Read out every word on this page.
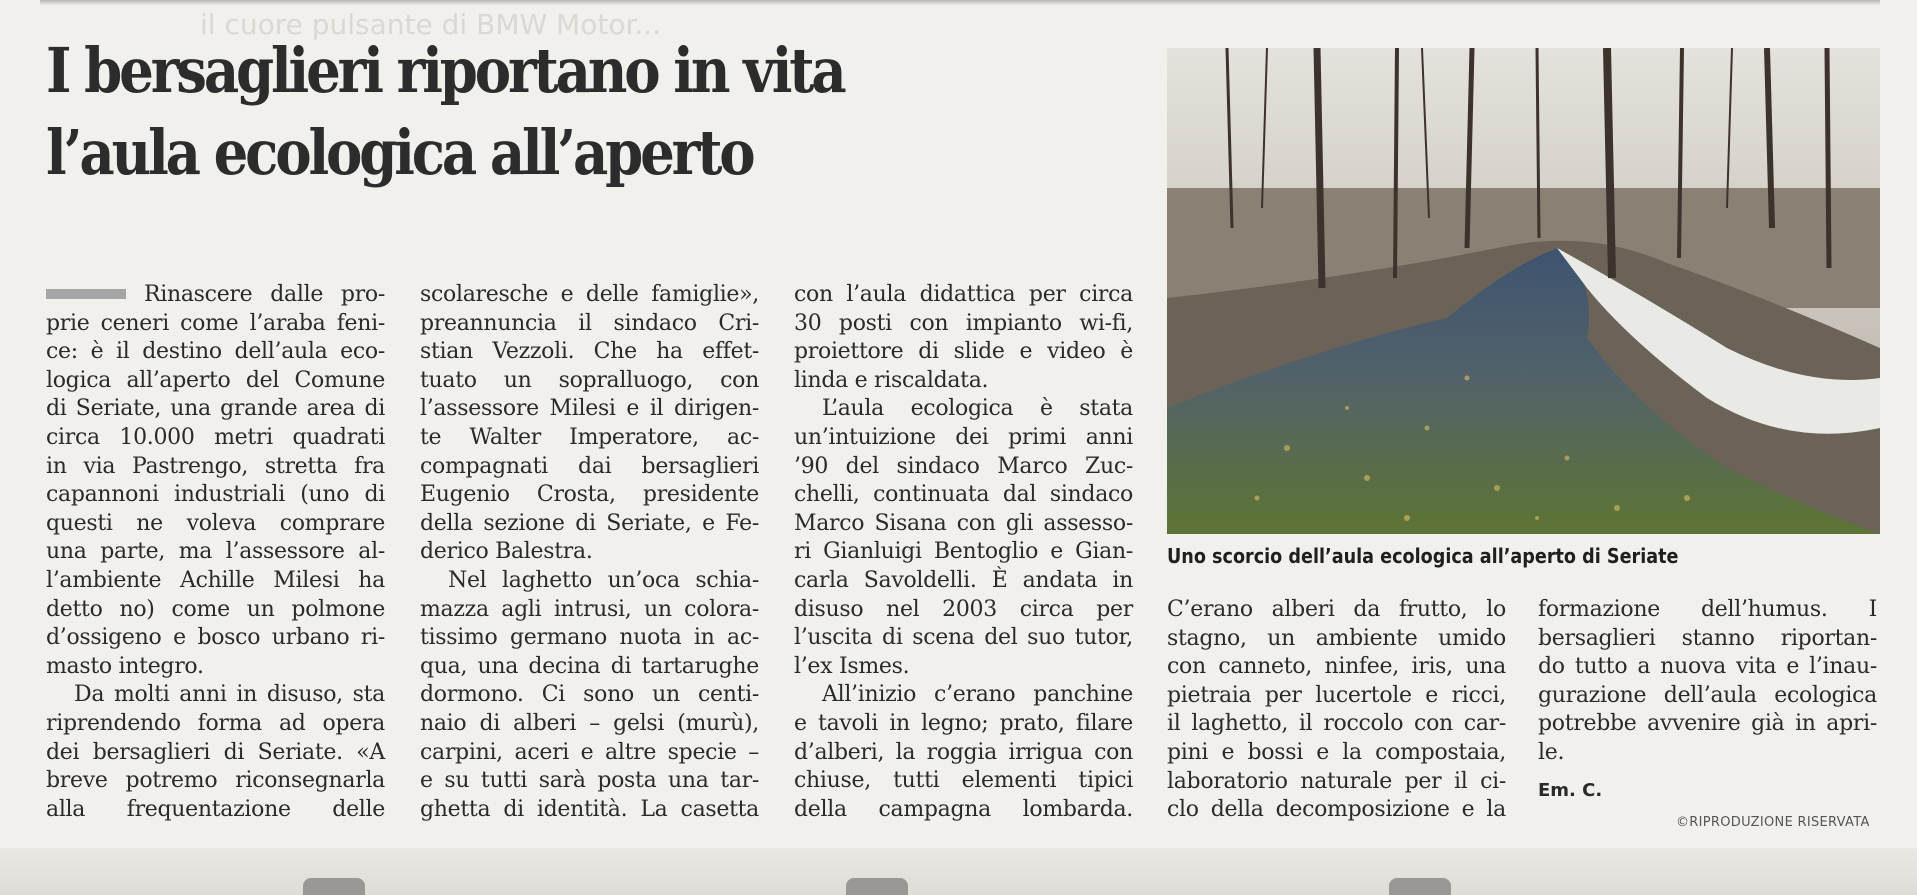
il cuore pulsante di BMW Motor...
I bersaglieri riportano in vita
l’aula ecologica all’aperto

Uno scorcio dell’aula ecologica all’aperto di Seriate

Rinascere dalle pro-
prie ceneri come l’araba feni-
ce: è il destino dell’aula eco-
logica all’aperto del Comune
di Seriate, una grande area di
circa 10.000 metri quadrati
in via Pastrengo, stretta fra
capannoni industriali (uno di
questi ne voleva comprare
una parte, ma l’assessore al-
l’ambiente Achille Milesi ha
detto no) come un polmone
d’ossigeno e bosco urbano ri-
masto integro.
Da molti anni in disuso, sta
riprendendo forma ad opera
dei bersaglieri di Seriate. «A
breve potremo riconsegnarla
alla frequentazione delle
scolaresche e delle famiglie»,
preannuncia il sindaco Cri-
stian Vezzoli. Che ha effet-
tuato un sopralluogo, con
l’assessore Milesi e il dirigen-
te Walter Imperatore, ac-
compagnati dai bersaglieri
Eugenio Crosta, presidente
della sezione di Seriate, e Fe-
derico Balestra.
Nel laghetto un’oca schia-
mazza agli intrusi, un colora-
tissimo germano nuota in ac-
qua, una decina di tartarughe
dormono. Ci sono un centi-
naio di alberi – gelsi (murù),
carpini, aceri e altre specie –
e su tutti sarà posta una tar-
ghetta di identità. La casetta
con l’aula didattica per circa
30 posti con impianto wi-fi,
proiettore di slide e video è
linda e riscaldata.
L’aula ecologica è stata
un’intuizione dei primi anni
’90 del sindaco Marco Zuc-
chelli, continuata dal sindaco
Marco Sisana con gli assesso-
ri Gianluigi Bentoglio e Gian-
carla Savoldelli. È andata in
disuso nel 2003 circa per
l’uscita di scena del suo tutor,
l’ex Ismes.
All’inizio c’erano panchine
e tavoli in legno; prato, filare
d’alberi, la roggia irrigua con
chiuse, tutti elementi tipici
della campagna lombarda.
C’erano alberi da frutto, lo
stagno, un ambiente umido
con canneto, ninfee, iris, una
pietraia per lucertole e ricci,
il laghetto, il roccolo con car-
pini e bossi e la compostaia,
laboratorio naturale per il ci-
clo della decomposizione e la
formazione dell’humus. I
bersaglieri stanno riportan-
do tutto a nuova vita e l’inau-
gurazione dell’aula ecologica
potrebbe avvenire già in apri-
le.

Em. C.

©RIPRODUZIONE RISERVATA
